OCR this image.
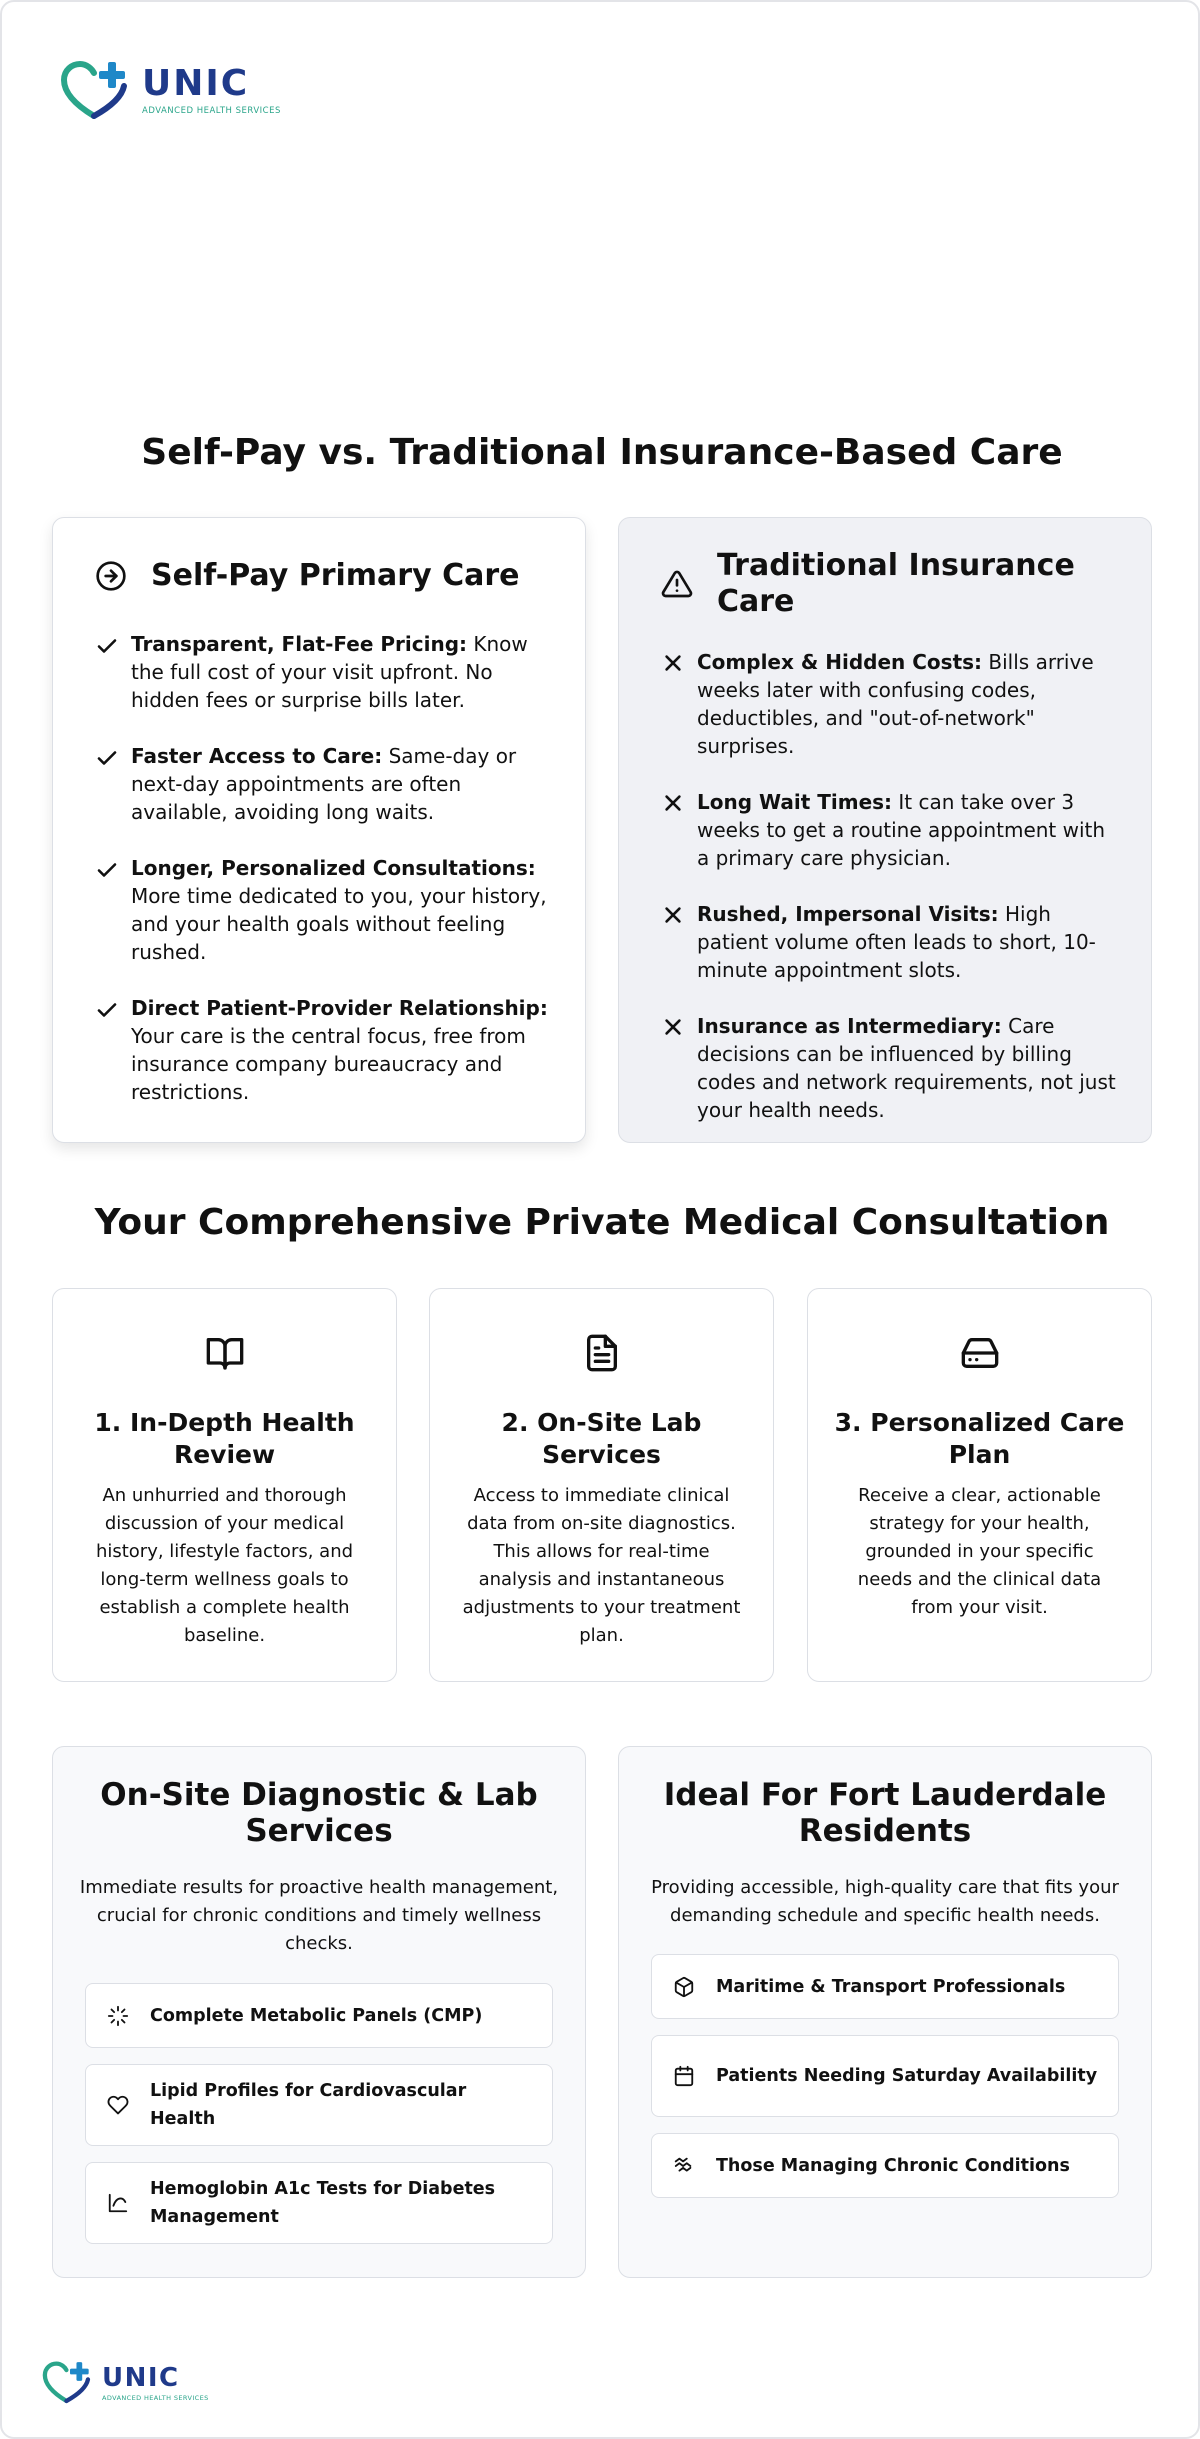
UNIC
ADVANCED HEALTH SERVICES
Self-Pay vs. Traditional Insurance-Based Care
Self-Pay Primary Care
Transparent, Flat-Fee Pricing: Know the full cost of your visit upfront. No hidden fees or surprise bills later.
Faster Access to Care: Same-day or next-day appointments are often available, avoiding long waits.
Longer, Personalized Consultations: More time dedicated to you, your history, and your health goals without feeling rushed.
Direct Patient-Provider Relationship: Your care is the central focus, free from insurance company bureaucracy and restrictions.
Traditional Insurance Care
Complex & Hidden Costs: Bills arrive weeks later with confusing codes, deductibles, and "out-of-network" surprises.
Long Wait Times: It can take over 3 weeks to get a routine appointment with a primary care physician.
Rushed, Impersonal Visits: High patient volume often leads to short, 10-minute appointment slots.
Insurance as Intermediary: Care decisions can be influenced by billing codes and network requirements, not just your health needs.
Your Comprehensive Private Medical Consultation
1. In-Depth Health Review
An unhurried and thorough discussion of your medical history, lifestyle factors, and long-term wellness goals to establish a complete health baseline.
2. On-Site Lab Services
Access to immediate clinical data from on-site diagnostics. This allows for real-time analysis and instantaneous adjustments to your treatment plan.
3. Personalized Care Plan
Receive a clear, actionable strategy for your health, grounded in your specific needs and the clinical data from your visit.
On-Site Diagnostic & Lab Services
Immediate results for proactive health management, crucial for chronic conditions and timely wellness checks.
Complete Metabolic Panels (CMP)
Lipid Profiles for Cardiovascular Health
Hemoglobin A1c Tests for Diabetes Management
Ideal For Fort Lauderdale Residents
Providing accessible, high-quality care that fits your demanding schedule and specific health needs.
Maritime & Transport Professionals
Patients Needing Saturday Availability
Those Managing Chronic Conditions
UNIC
ADVANCED HEALTH SERVICES
